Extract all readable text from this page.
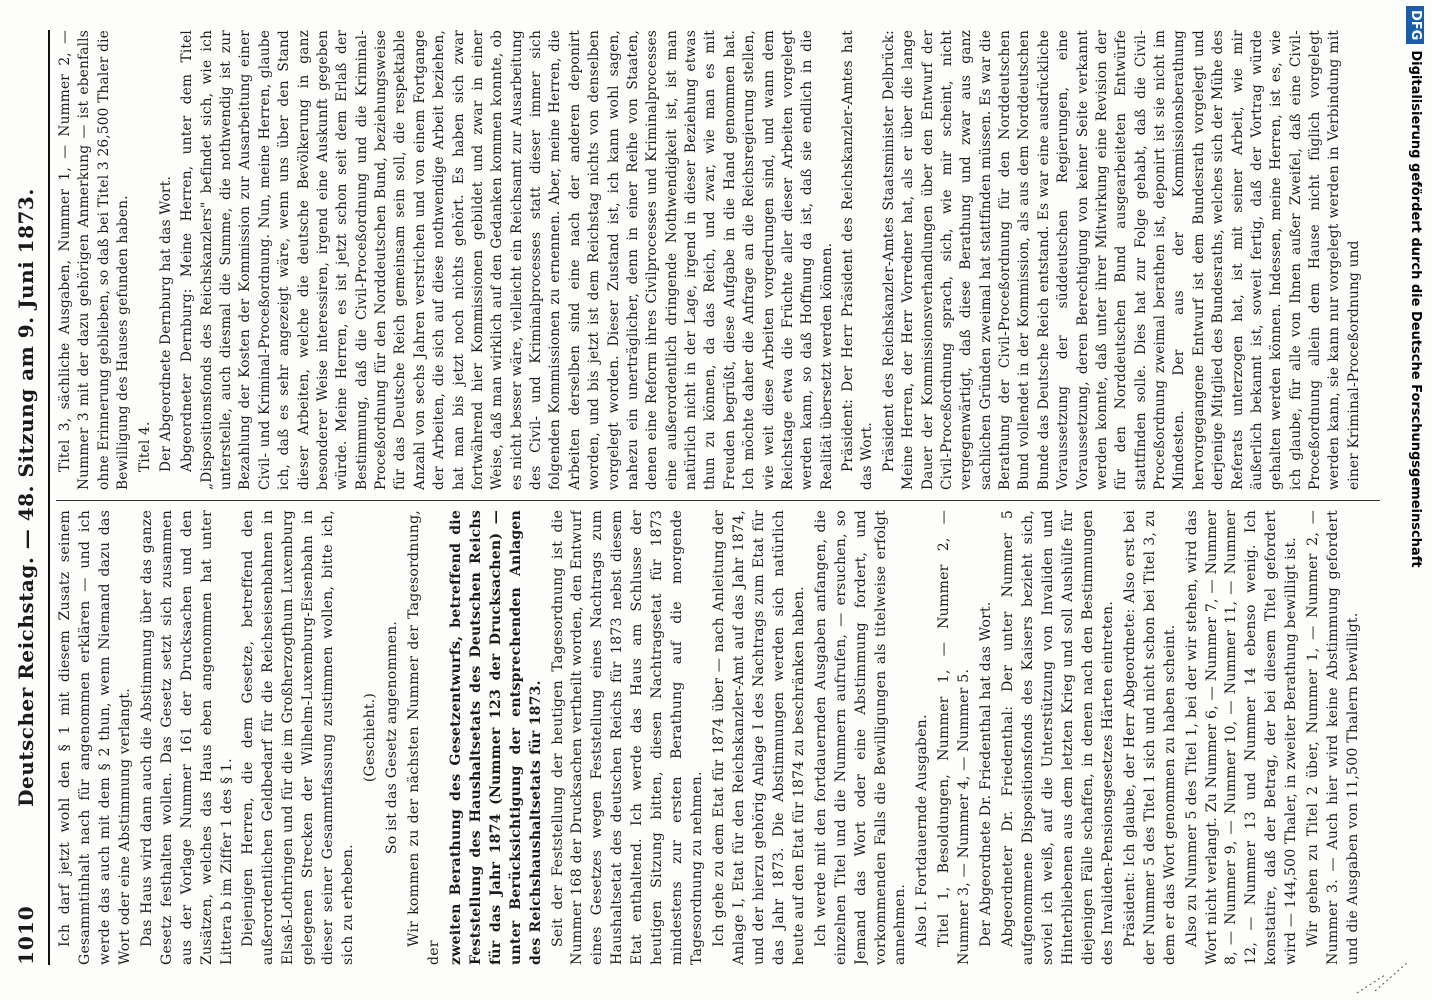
1010
Deutscher Reichstag. — 48. Sitzung am 9. Juni 1873. Ich darf jetzt wohl den § 1 mit diesem Zusatz seinem Gesammtinhalt nach für angenommen erklären — und ich werde das auch mit dem § 2 thun, wenn Niemand dazu das Wort oder eine Abstimmung verlangt. Das Haus wird dann auch die Abstimmung über das ganze Gesetz festhalten wollen. Das Gesetz setzt sich zusammen aus der Vorlage Nummer 161 der Drucksachen und den Zusätzen, welches das Haus eben angenommen hat unter Littera b im Ziffer 1 des § 1. Diejenigen Herren, die dem Gesetze, betreffend den außerordentlichen Geldbedarf für die Reichseisenbahnen in Elsaß-Lothringen und für die im Großherzogthum Luxemburg gelegenen Strecken der Wilhelm-Luxemburg-Eisenbahn in dieser seiner Gesammtfassung zustimmen wollen, bitte ich, sich zu erheben.

(Geschieht.) So ist das Gesetz angenommen. Wir kommen zu der nächsten Nummer der Tagesordnung, der zweiten Berathung des Gesetzentwurfs, betreffend die Feststellung des Haushaltsetats des Deutschen Reichs für das Jahr 1874 (Nummer 123 der Drucksachen) — unter Berücksichtigung der entsprechenden Anlagen des Reichshaushaltsetats für 1873. Seit der Feststellung der heutigen Tagesordnung ist die Nummer 168 der Drucksachen vertheilt worden, den Entwurf eines Gesetzes wegen Feststellung eines Nachtrags zum Haushaltsetat des deutschen Reichs für 1873 nebst diesem Etat enthaltend. Ich werde das Haus am Schlusse der heutigen Sitzung bitten, diesen Nachtragsetat für 1873 mindestens zur ersten Berathung auf die morgende Tagesordnung zu nehmen. Ich gehe zu dem Etat für 1874 über — nach Anleitung der Anlage I, Etat für den Reichskanzler-Amt auf das Jahr 1874, und der hierzu gehörig Anlage I des Nachtrags zum Etat für das Jahr 1873. Die Abstimmungen werden sich natürlich heute auf den Etat für 1874 zu beschränken haben. Ich werde mit den fortdauernden Ausgaben anfangen, die einzelnen Titel und die Nummern aufrufen, — ersuchen, so Jemand das Wort oder eine Abstimmung fordert, und vorkommenden Falls die Bewilligungen als titelweise erfolgt annehmen. Also I. Fortdauernde Ausgaben. Titel 1, Besoldungen, Nummer 1, — Nummer 2, — Nummer 3, — Nummer 4, — Nummer 5. Der Abgeordnete Dr. Friedenthal hat das Wort. Abgeordneter Dr. Friedenthal: Der unter Nummer 5 aufgenommene Dispositionsfonds des Kaisers bezieht sich, soviel ich weiß, auf die Unterstützung von Invaliden und Hinterbliebenen aus dem letzten Krieg und soll Aushülfe für diejenigen Fälle schaffen, in denen nach den Bestimmungen des Invaliden-Pensionsgesetzes Härten eintreten. Präsident: Ich glaube, der Herr Abgeordnete: Also erst bei der Nummer 5 des Titel 1 sich und nicht schon bei Titel 3, zu dem er das Wort genommen zu haben scheint. Also zu Nummer 5 des Titel 1, bei der wir stehen, wird das Wort nicht verlangt. Zu Nummer 6, — Nummer 7, — Nummer 8, — Nummer 9, — Nummer 10, — Nummer 11, — Nummer 12, — Nummer 13 und Nummer 14 ebenso wenig. Ich konstatire, daß der Betrag, der bei diesem Titel gefordert wird — 144,500 Thaler, in zweiter Berathung bewilligt ist. Wir gehen zu Titel 2 über, Nummer 1, — Nummer 2, — Nummer 3. — Auch hier wird keine Abstimmung gefordert und die Ausgaben von 11,500 Thalern bewilligt.

Titel 3, sächliche Ausgaben, Nummer 1, — Nummer 2, — Nummer 3 mit der dazu gehörigen Anmerkung — ist ebenfalls ohne Erinnerung geblieben, so daß bei Titel 3 26,500 Thaler die Bewilligung des Hauses gefunden haben. Titel 4. Der Abgeordnete Dernburg hat das Wort. Abgeordneter Dernburg: Meine Herren, unter dem Titel „Dispositionsfonds des Reichskanzlers" befindet sich, wie ich unterstelle, auch diesmal die Summe, die nothwendig ist zur Bezahlung der Kosten der Kommission zur Ausarbeitung einer Civil- und Kriminal-Proceßordnung. Nun, meine Herren, glaube ich, daß es sehr angezeigt wäre, wenn uns über den Stand dieser Arbeiten, welche die deutsche Bevölkerung in ganz besonderer Weise interessiren, irgend eine Auskunft gegeben würde. Meine Herren, es ist jetzt schon seit dem Erlaß der Bestimmung, daß die Civil-Proceßordnung und die Kriminal-Proceßordnung für den Norddeutschen Bund, beziehungsweise für das Deutsche Reich gemeinsam sein soll, die respektable Anzahl von sechs Jahren verstrichen und von einem Fortgange der Arbeiten, die sich auf diese nothwendige Arbeit beziehen, hat man bis jetzt noch nichts gehört. Es haben sich zwar fortwährend hier Kommissionen gebildet und zwar in einer Weise, daß man wirklich auf den Gedanken kommen konnte, ob es nicht besser wäre, vielleicht ein Reichsamt zur Ausarbeitung des Civil- und Kriminalprocesses statt dieser immer sich folgenden Kommissionen zu ernennen. Aber, meine Herren, die Arbeiten derselben sind eine nach der anderen deponirt worden, und bis jetzt ist dem Reichstag nichts von denselben vorgelegt worden. Dieser Zustand ist, ich kann wohl sagen, nahezu ein unerträglicher, denn in einer Reihe von Staaten, denen eine Reform ihres Civilprocesses und Kriminalprocesses eine außerordentlich dringende Nothwendigkeit ist, ist man natürlich nicht in der Lage, irgend in dieser Beziehung etwas thun zu können, da das Reich, und zwar, wie man es mit Freuden begrüßt, diese Aufgabe in die Hand genommen hat. Ich möchte daher die Anfrage an die Reichsregierung stellen, wie weit diese Arbeiten vorgedrungen sind, und wann dem Reichstage etwa die Früchte aller dieser Arbeiten vorgelegt werden kann, so daß Hoffnung da ist, daß sie endlich in die Realität übersetzt werden können. Präsident: Der Herr Präsident des Reichskanzler-Amtes hat das Wort. Präsident des Reichskanzler-Amtes Staatsminister Delbrück: Meine Herren, der Herr Vorredner hat, als er über die lange Dauer der Kommissionsverhandlungen über den Entwurf der Civil-Proceßordnung sprach, sich, wie mir scheint, nicht vergegenwärtigt, daß diese Berathung und zwar aus ganz sachlichen Gründen zweimal hat stattfinden müssen. Es war die Berathung der Civil-Proceßordnung für den Norddeutschen Bund vollendet in der Kommission, als aus dem Norddeutschen Bunde das Deutsche Reich entstand. Es war eine ausdrückliche Voraussetzung der süddeutschen Regierungen, eine Voraussetzung, deren Berechtigung von keiner Seite verkannt werden konnte, daß unter ihrer Mitwirkung eine Revision der für den Norddeutschen Bund ausgearbeiteten Entwürfe stattfinden solle. Dies hat zur Folge gehabt, daß die Civil-Proceßordnung zweimal berathen ist, deponirt ist sie nicht im Mindesten. Der aus der Kommissionsberathung hervorgegangene Entwurf ist dem Bundesrath vorgelegt und derjenige Mitglied des Bundesraths, welches sich der Mühe des Referats unterzogen hat, ist mit seiner Arbeit, wie mir äußerlich bekannt ist, soweit fertig, daß der Vortrag würde gehalten werden können. Indessen, meine Herren, ist es, wie ich glaube, für alle von Ihnen außer Zweifel, daß eine Civil-Proceßordnung allein dem Hause nicht füglich vorgelegt werden kann, sie kann nur vorgelegt werden in Verbindung mit einer Kriminal-Proceßordnung und

DFGDigitalisierung gefördert durch die Deutsche Forschungsgemeinschaft
